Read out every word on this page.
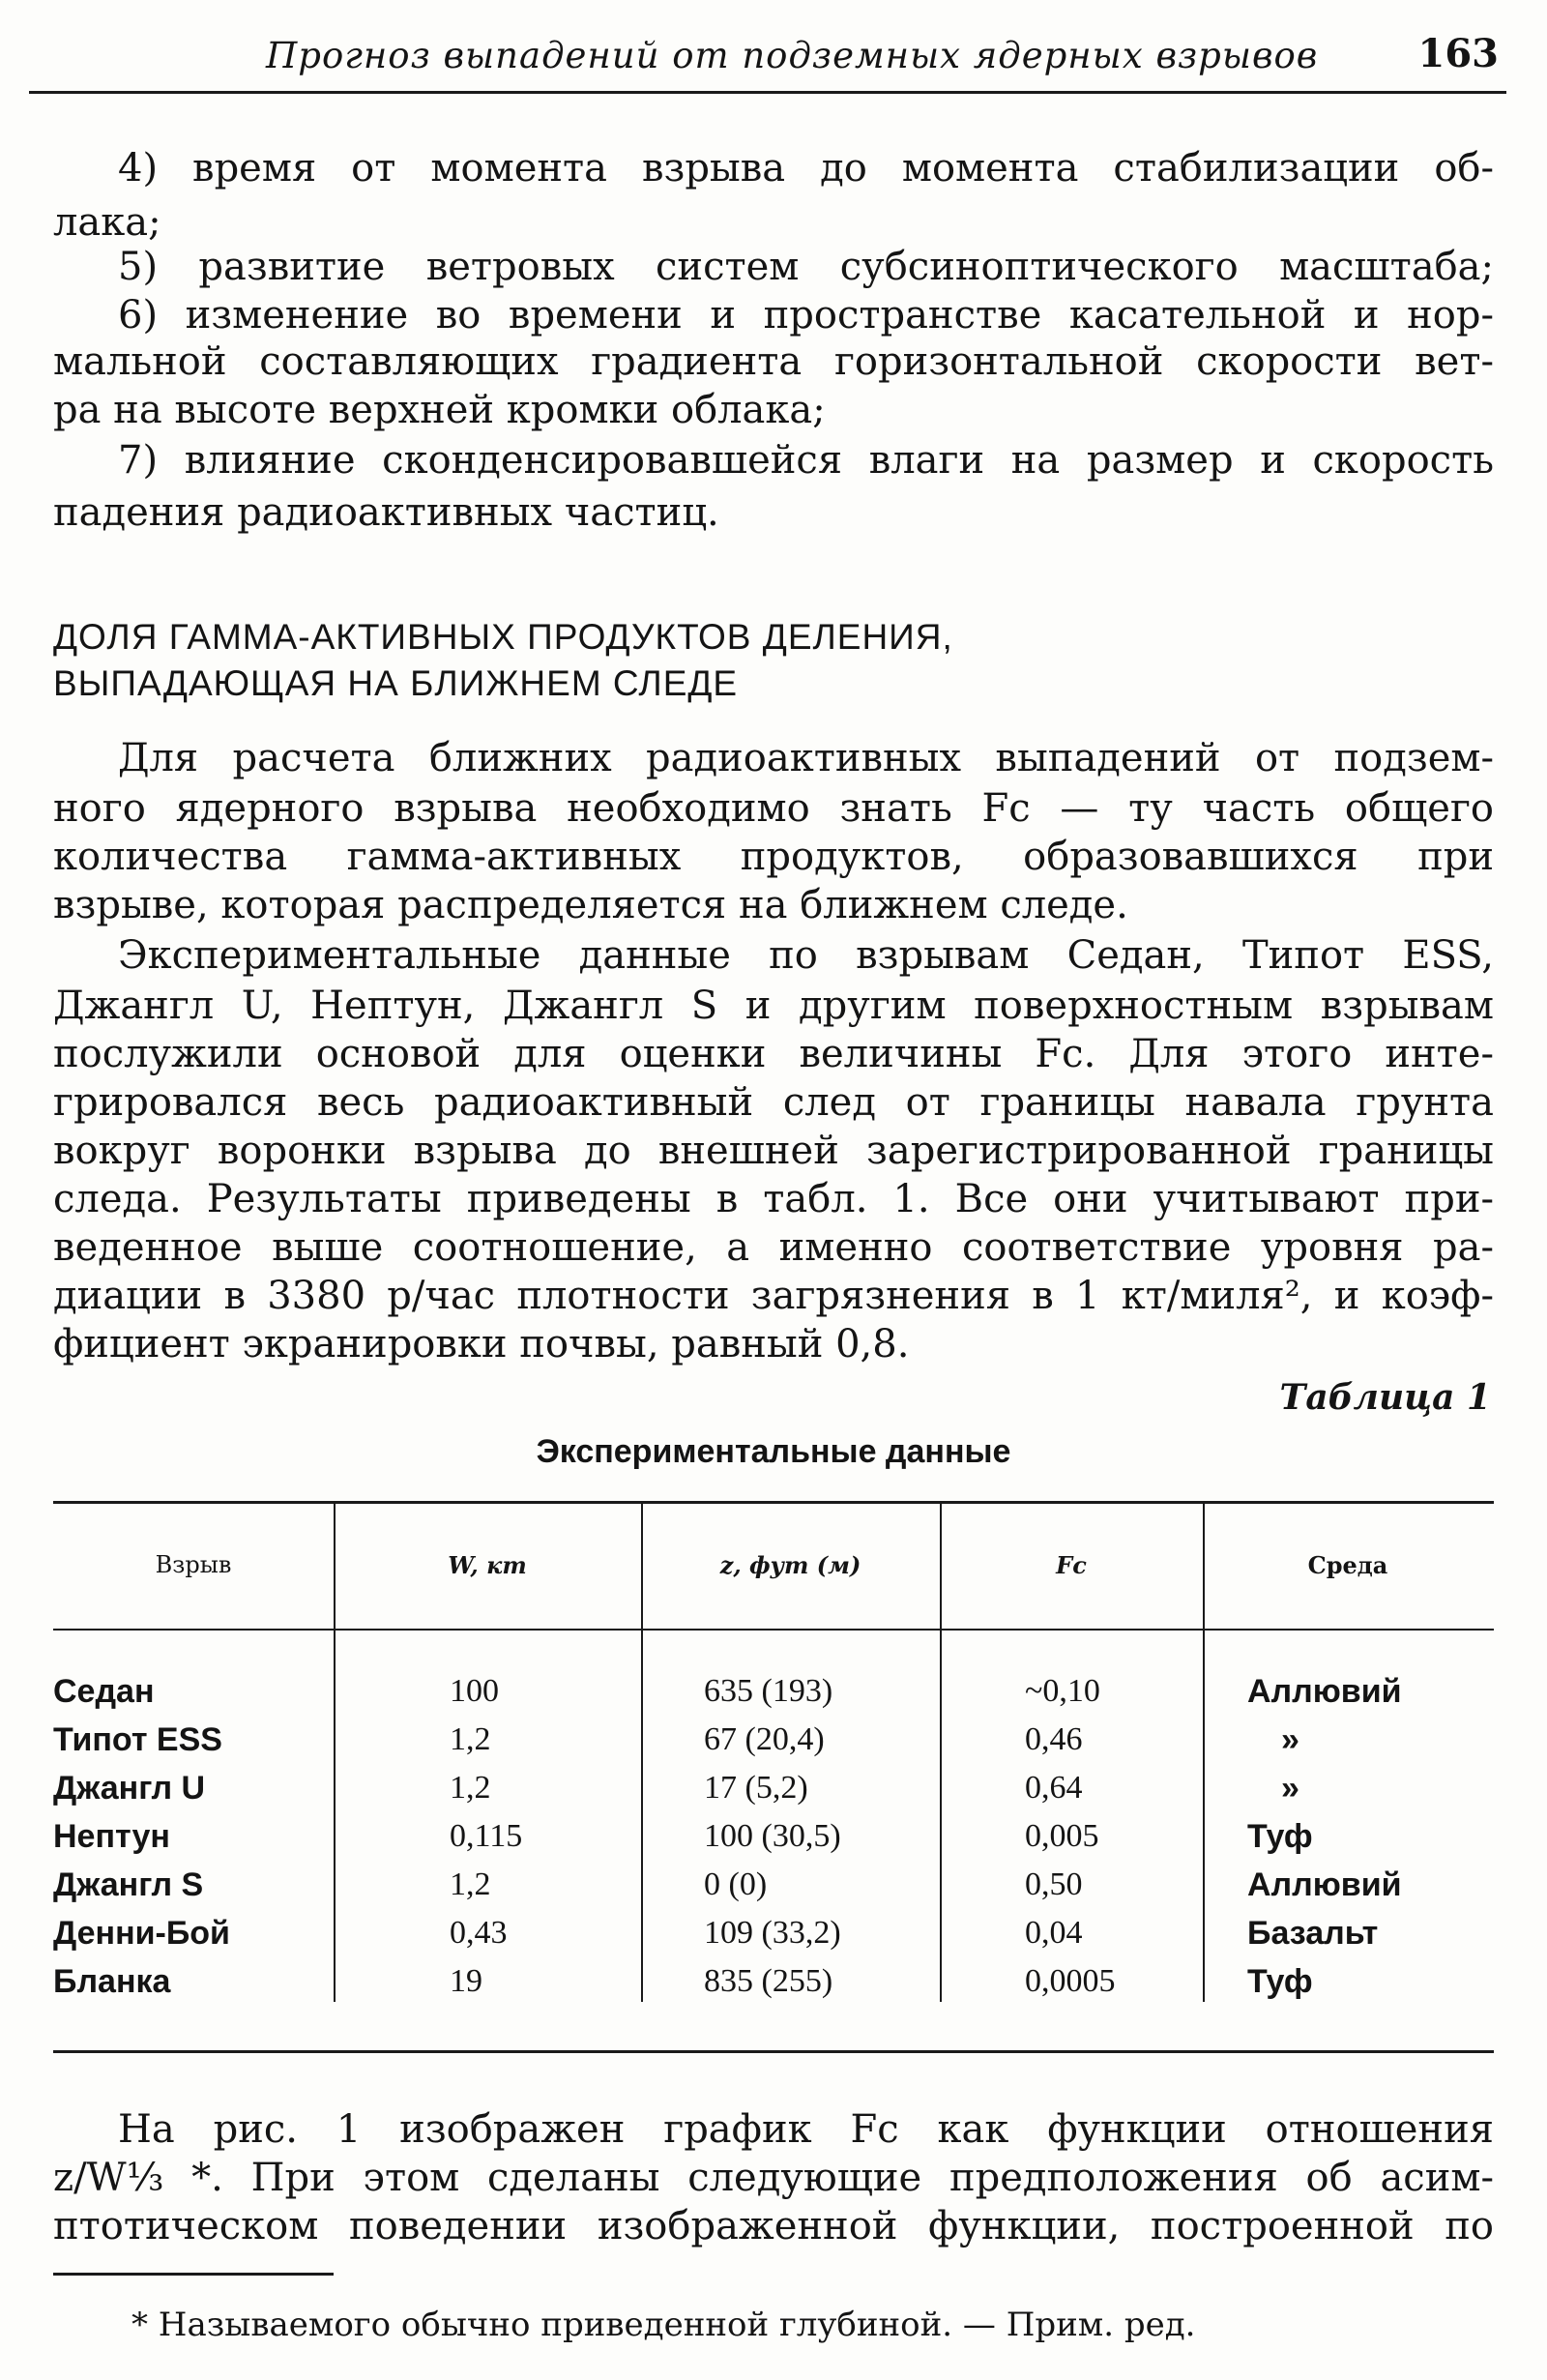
Прогноз выпадений от подземных ядерных взрывов	163
4) время от момента взрыва до момента стабилизации об-
лака;
5) развитие ветровых систем субсиноптического масштаба;
6) изменение во времени и пространстве касательной и нор-
мальной составляющих градиента горизонтальной скорости вет-
ра на высоте верхней кромки облака;
7) влияние сконденсировавшейся влаги на размер и скорость
падения радиоактивных частиц.
ДОЛЯ ГАММА-АКТИВНЫХ ПРОДУКТОВ ДЕЛЕНИЯ,
ВЫПАДАЮЩАЯ НА БЛИЖНЕМ СЛЕДЕ
Для расчета ближних радиоактивных выпадений от подзем-
ного ядерного взрыва необходимо знать Fc — ту часть общего
количества гамма-активных продуктов, образовавшихся при
взрыве, которая распределяется на ближнем следе.
Экспериментальные данные по взрывам Седан, Типот ESS,
Джангл U, Нептун, Джангл S и другим поверхностным взрывам
послужили основой для оценки величины Fc. Для этого инте-
грировался весь радиоактивный след от границы навала грунта
вокруг воронки взрыва до внешней зарегистрированной границы
следа. Результаты приведены в табл. 1. Все они учитывают при-
веденное выше соотношение, а именно соответствие уровня ра-
диации в 3380 р/час плотности загрязнения в 1 кт/миля², и коэф-
фициент экранировки почвы, равный 0,8.
Таблица 1
Экспериментальные данные
Взрыв	W, кт	z, фут (м)	Fc	Среда
Седан	100	635 (193)	~0,10	Аллювий
Типот ESS	1,2	67 (20,4)	0,46	»
Джангл U	1,2	17 (5,2)	0,64	»
Нептун	0,115	100 (30,5)	0,005	Туф
Джангл S	1,2	0 (0)	0,50	Аллювий
Денни-Бой	0,43	109 (33,2)	0,04	Базальт
Бланка	19	835 (255)	0,0005	Туф
На рис. 1 изображен график Fc как функции отношения
z/W⅓ *. При этом сделаны следующие предположения об асим-
птотическом поведении изображенной функции, построенной по
* Называемого обычно приведенной глубиной. — Прим. ред.
